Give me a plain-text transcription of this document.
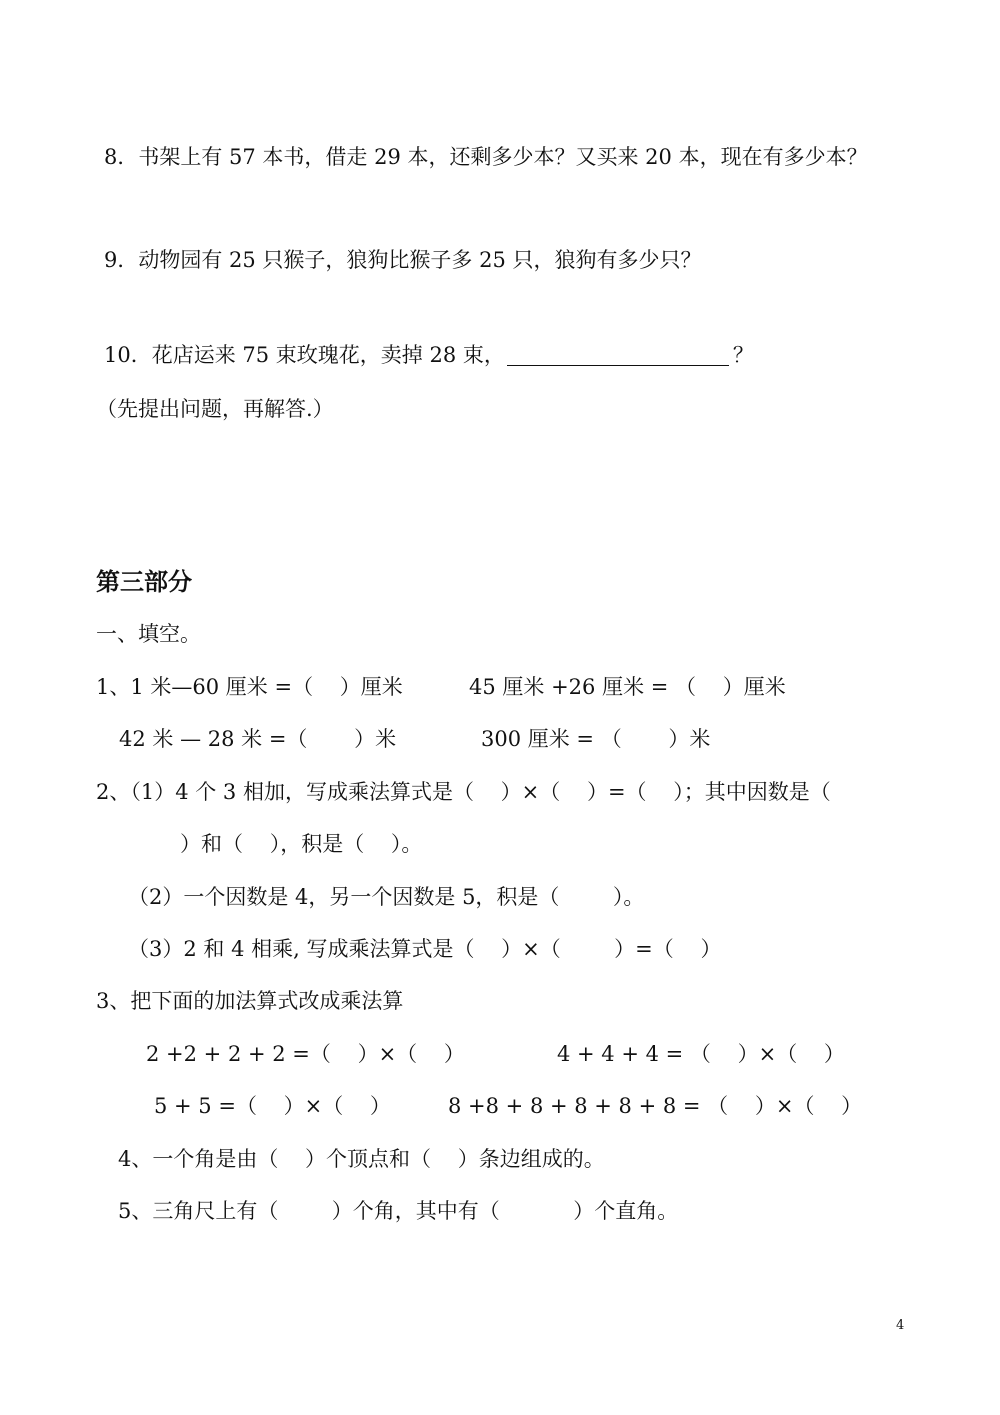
8．书架上有 57 本书，借走 29 本，还剩多少本？又买来 20 本，现在有多少本？
9．动物园有 25 只猴子，狼狗比猴子多 25 只，狼狗有多少只？
10．花店运来 75 束玫瑰花，卖掉 28 束，	？
（先提出问题，再解答.）
第三部分
一、填空。
1、1 米—60 厘米 =（    ）厘米	45 厘米 +26 厘米 = （    ）厘米
42 米 — 28 米 =（       ）米	300 厘米 = （       ）米
2、（1）4 个 3 相加，写成乘法算式是（    ）×（    ）=（    ）；其中因数是（
）和（    ），积是（    ）。
（2）一个因数是 4，另一个因数是 5，积是（        ）。
（3）2 和 4 相乘, 写成乘法算式是（    ）×（        ）=（    ）
3、把下面的加法算式改成乘法算
2 +2 + 2 + 2 =（    ）×（    ）	4 + 4 + 4 = （    ）×（    ）
5 + 5 =（    ）×（    ）	8 +8 + 8 + 8 + 8 + 8 = （    ）×（    ）
4、一个角是由（    ）个顶点和（    ）条边组成的。
5、三角尺上有（        ）个角，其中有（           ）个直角。
4
